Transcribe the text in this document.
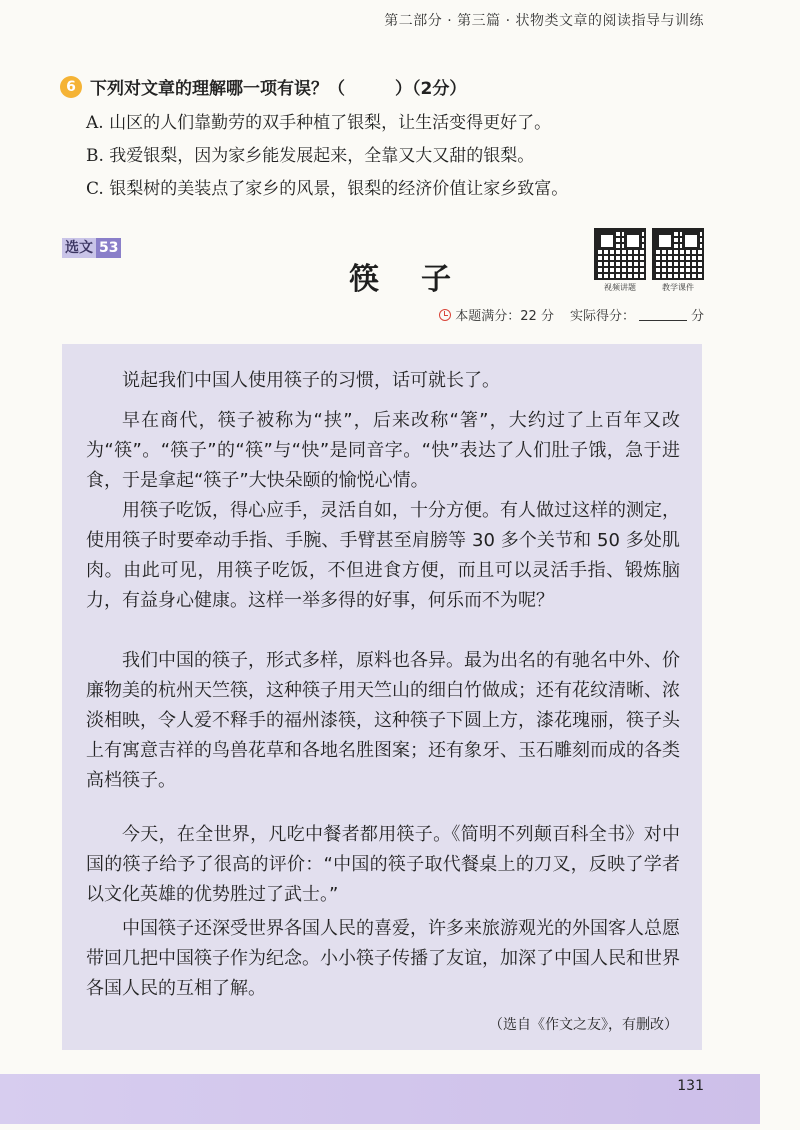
第二部分 · 第三篇 · 状物类文章的阅读指导与训练
6 下列对文章的理解哪一项有误？（	）（2分）
A. 山区的人们靠勤劳的双手种植了银梨，让生活变得更好了。
B. 我爱银梨，因为家乡能发展起来，全靠又大又甜的银梨。
C. 银梨树的美装点了家乡的风景，银梨的经济价值让家乡致富。
选文 53
筷子	视频讲题	教学课件
本题满分：22 分 实际得分：	分
说起我们中国人使用筷子的习惯，话可就长了。
早在商代，筷子被称为“挟”，后来改称“箸”，大约过了上百年又改为“筷”。“筷子”的“筷”与“快”是同音字。“快”表达了人们肚子饿，急于进食，于是拿起“筷子”大快朵颐的愉悦心情。
用筷子吃饭，得心应手，灵活自如，十分方便。有人做过这样的测定，使用筷子时要牵动手指、手腕、手臂甚至肩膀等 30 多个关节和 50 多处肌肉。由此可见，用筷子吃饭，不但进食方便，而且可以灵活手指、锻炼脑力，有益身心健康。这样一举多得的好事，何乐而不为呢？
我们中国的筷子，形式多样，原料也各异。最为出名的有驰名中外、价廉物美的杭州天竺筷，这种筷子用天竺山的细白竹做成；还有花纹清晰、浓淡相映，令人爱不释手的福州漆筷，这种筷子下圆上方，漆花瑰丽，筷子头上有寓意吉祥的鸟兽花草和各地名胜图案；还有象牙、玉石雕刻而成的各类高档筷子。
今天，在全世界，凡吃中餐者都用筷子。《简明不列颠百科全书》对中国的筷子给予了很高的评价：“中国的筷子取代餐桌上的刀叉，反映了学者以文化英雄的优势胜过了武士。”
中国筷子还深受世界各国人民的喜爱，许多来旅游观光的外国客人总愿带回几把中国筷子作为纪念。小小筷子传播了友谊，加深了中国人民和世界各国人民的互相了解。
（选自《作文之友》，有删改）
131
